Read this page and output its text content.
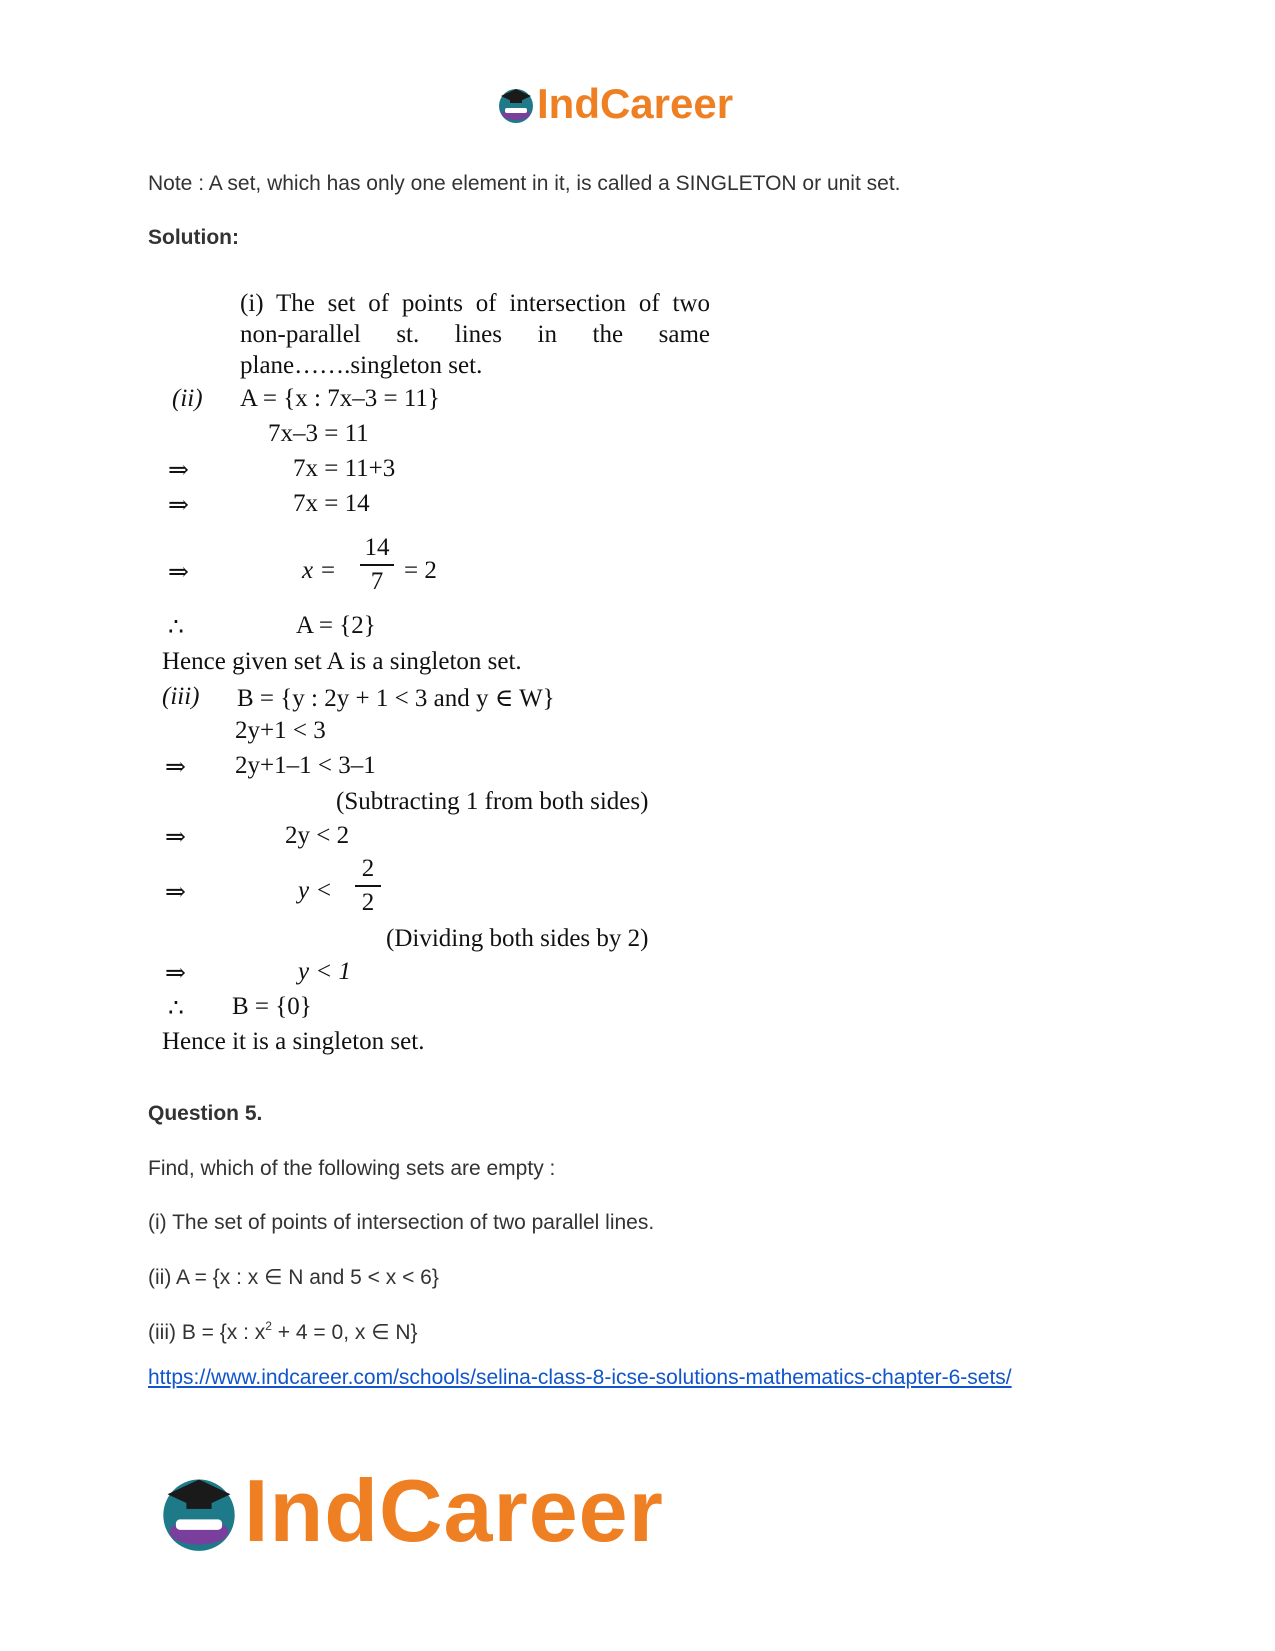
IndCareer
Note : A set, which has only one element in it, is called a SINGLETON or unit set.
Solution:
(i) The set of points of intersection of two
non-parallel st. lines in the same
plane…….singleton set.
(ii) A = {x : 7x–3 = 11}
7x–3 = 11
⇒	7x = 11+3
⇒	7x = 14
⇒	x =
14
7 = 2
∴	A = {2}
Hence given set A is a singleton set.
(iii) B = {y : 2y + 1 < 3 and y ∈ W}
2y+1 < 3
⇒ 2y+1–1 < 3–1
(Subtracting 1 from both sides)
⇒	2y < 2
⇒	y <
2
2
(Dividing both sides by 2)
⇒	y < 1
∴ B = {0}
Hence it is a singleton set.
Question 5.
Find, which of the following sets are empty :
(i) The set of points of intersection of two parallel lines.
(ii) A = {x : x ∈ N and 5 < x < 6}
(iii) B = {x : $x^2 + 4 = 0$, x ∈ N}
https://www.indcareer.com/schools/selina-class-8-icse-solutions-mathematics-chapter-6-sets/
IndCareer
